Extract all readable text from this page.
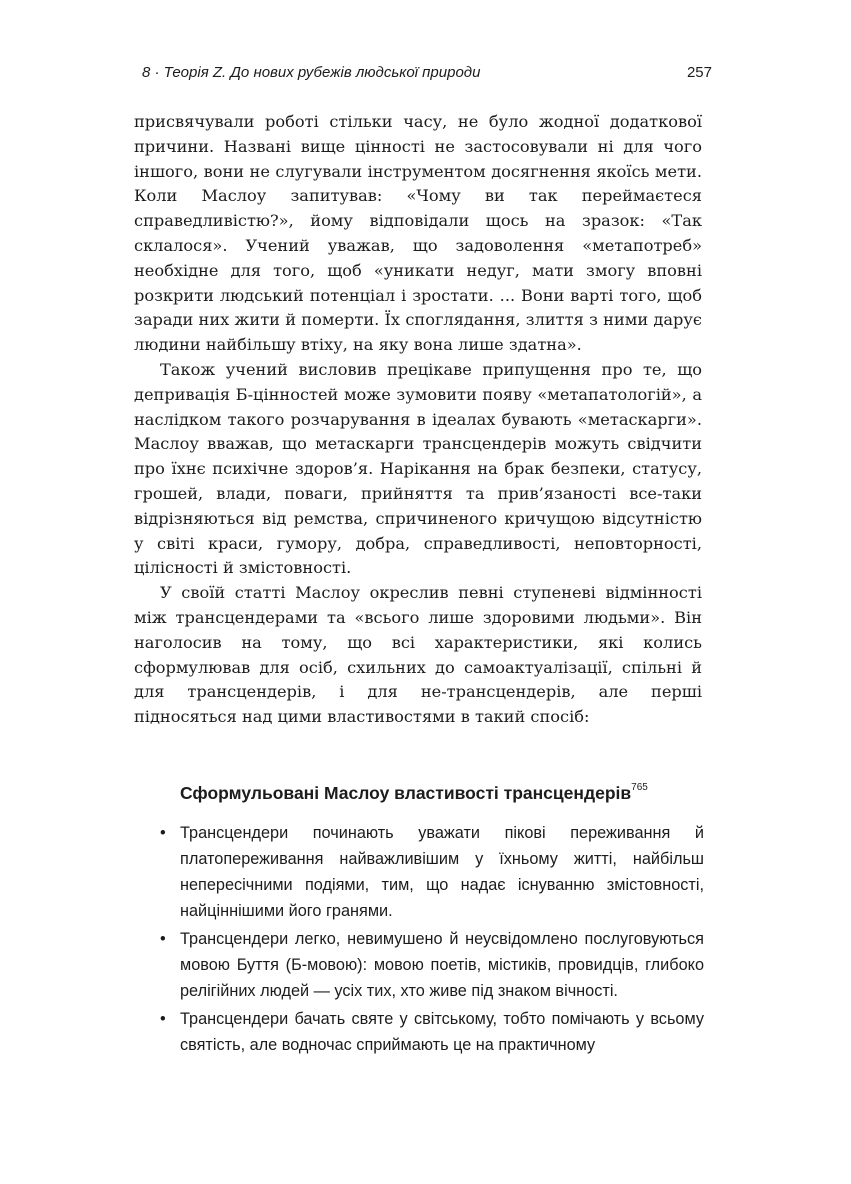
8 · Теорія Z. До нових рубежів людської природи	257

присвячували роботі стільки часу, не було жодної додаткової причини. Названі вище цінності не застосовували ні для чого іншого, вони не слугували інструментом досягнення якоїсь мети. Коли Маслоу запитував: «Чому ви так переймаєтеся справедливістю?», йому відповідали щось на зразок: «Так склалося». Учений уважав, що задоволення «метапотреб» необхідне для того, щоб «уникати недуг, мати змогу вповні розкрити людський потенціал і зростати. ... Вони варті того, щоб заради них жити й померти. Їх споглядання, злиття з ними дарує людини найбільшу втіху, на яку вона лише здатна».

Також учений висловив прецікаве припущення про те, що депривація Б-цінностей може зумовити появу «метапатологій», а наслідком такого розчарування в ідеалах бувають «метаскарги». Маслоу вважав, що метаскарги трансцендерів можуть свідчити про їхнє психічне здоров’я. Нарікання на брак безпеки, статусу, грошей, влади, поваги, прийняття та прив’язаності все-таки відрізняються від ремства, спричиненого кричущою відсутністю у світі краси, гумору, добра, справедливості, неповторності, цілісності й змістовності.

У своїй статті Маслоу окреслив певні ступеневі відмінності між трансцендерами та «всього лише здоровими людьми». Він наголосив на тому, що всі характеристики, які колись сформулював для осіб, схильних до самоактуалізації, спільні й для трансцендерів, і для не-трансцендерів, але перші підносяться над цими властивостями в такий спосіб:

Сформульовані Маслоу властивості трансцендерів$^{765}$
• Трансцендери починають уважати пікові переживання й платопереживання найважливішим у їхньому житті, найбільш непересічними подіями, тим, що надає існуванню змістовності, найціннішими його гранями.
• Трансцендери легко, невимушено й неусвідомлено послуговуються мовою Буття (Б-мовою): мовою поетів, містиків, провидців, глибоко релігійних людей — усіх тих, хто живе під знаком вічності.
• Трансцендери бачать святе у світському, тобто помічають у всьому святість, але водночас сприймають це на практичному
